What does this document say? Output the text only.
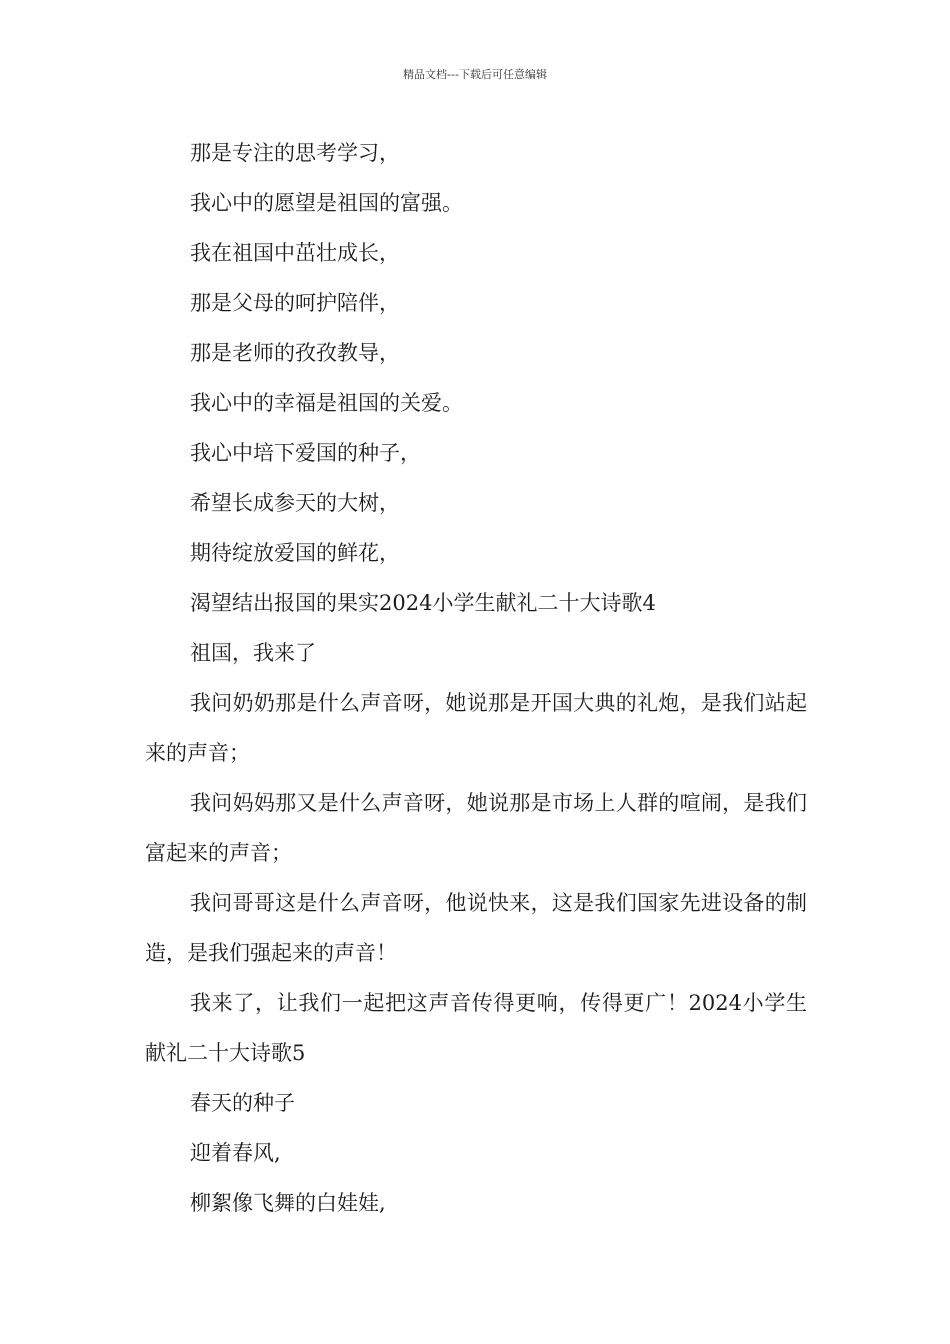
精品文档---下载后可任意编辑
那是专注的思考学习，
我心中的愿望是祖国的富强。
我在祖国中茁壮成长，
那是父母的呵护陪伴，
那是老师的孜孜教导，
我心中的幸福是祖国的关爱。
我心中培下爱国的种子，
希望长成参天的大树，
期待绽放爱国的鲜花，
渴望结出报国的果实2024小学生献礼二十大诗歌4
祖国，我来了

我问奶奶那是什么声音呀，她说那是开国大典的礼炮，是我们站起来的声音；

我问妈妈那又是什么声音呀，她说那是市场上人群的喧闹，是我们富起来的声音；

我问哥哥这是什么声音呀，他说快来，这是我们国家先进设备的制造，是我们强起来的声音！

我来了，让我们一起把这声音传得更响，传得更广！2024小学生献礼二十大诗歌5

春天的种子
迎着春风,
柳絮像飞舞的白娃娃,
